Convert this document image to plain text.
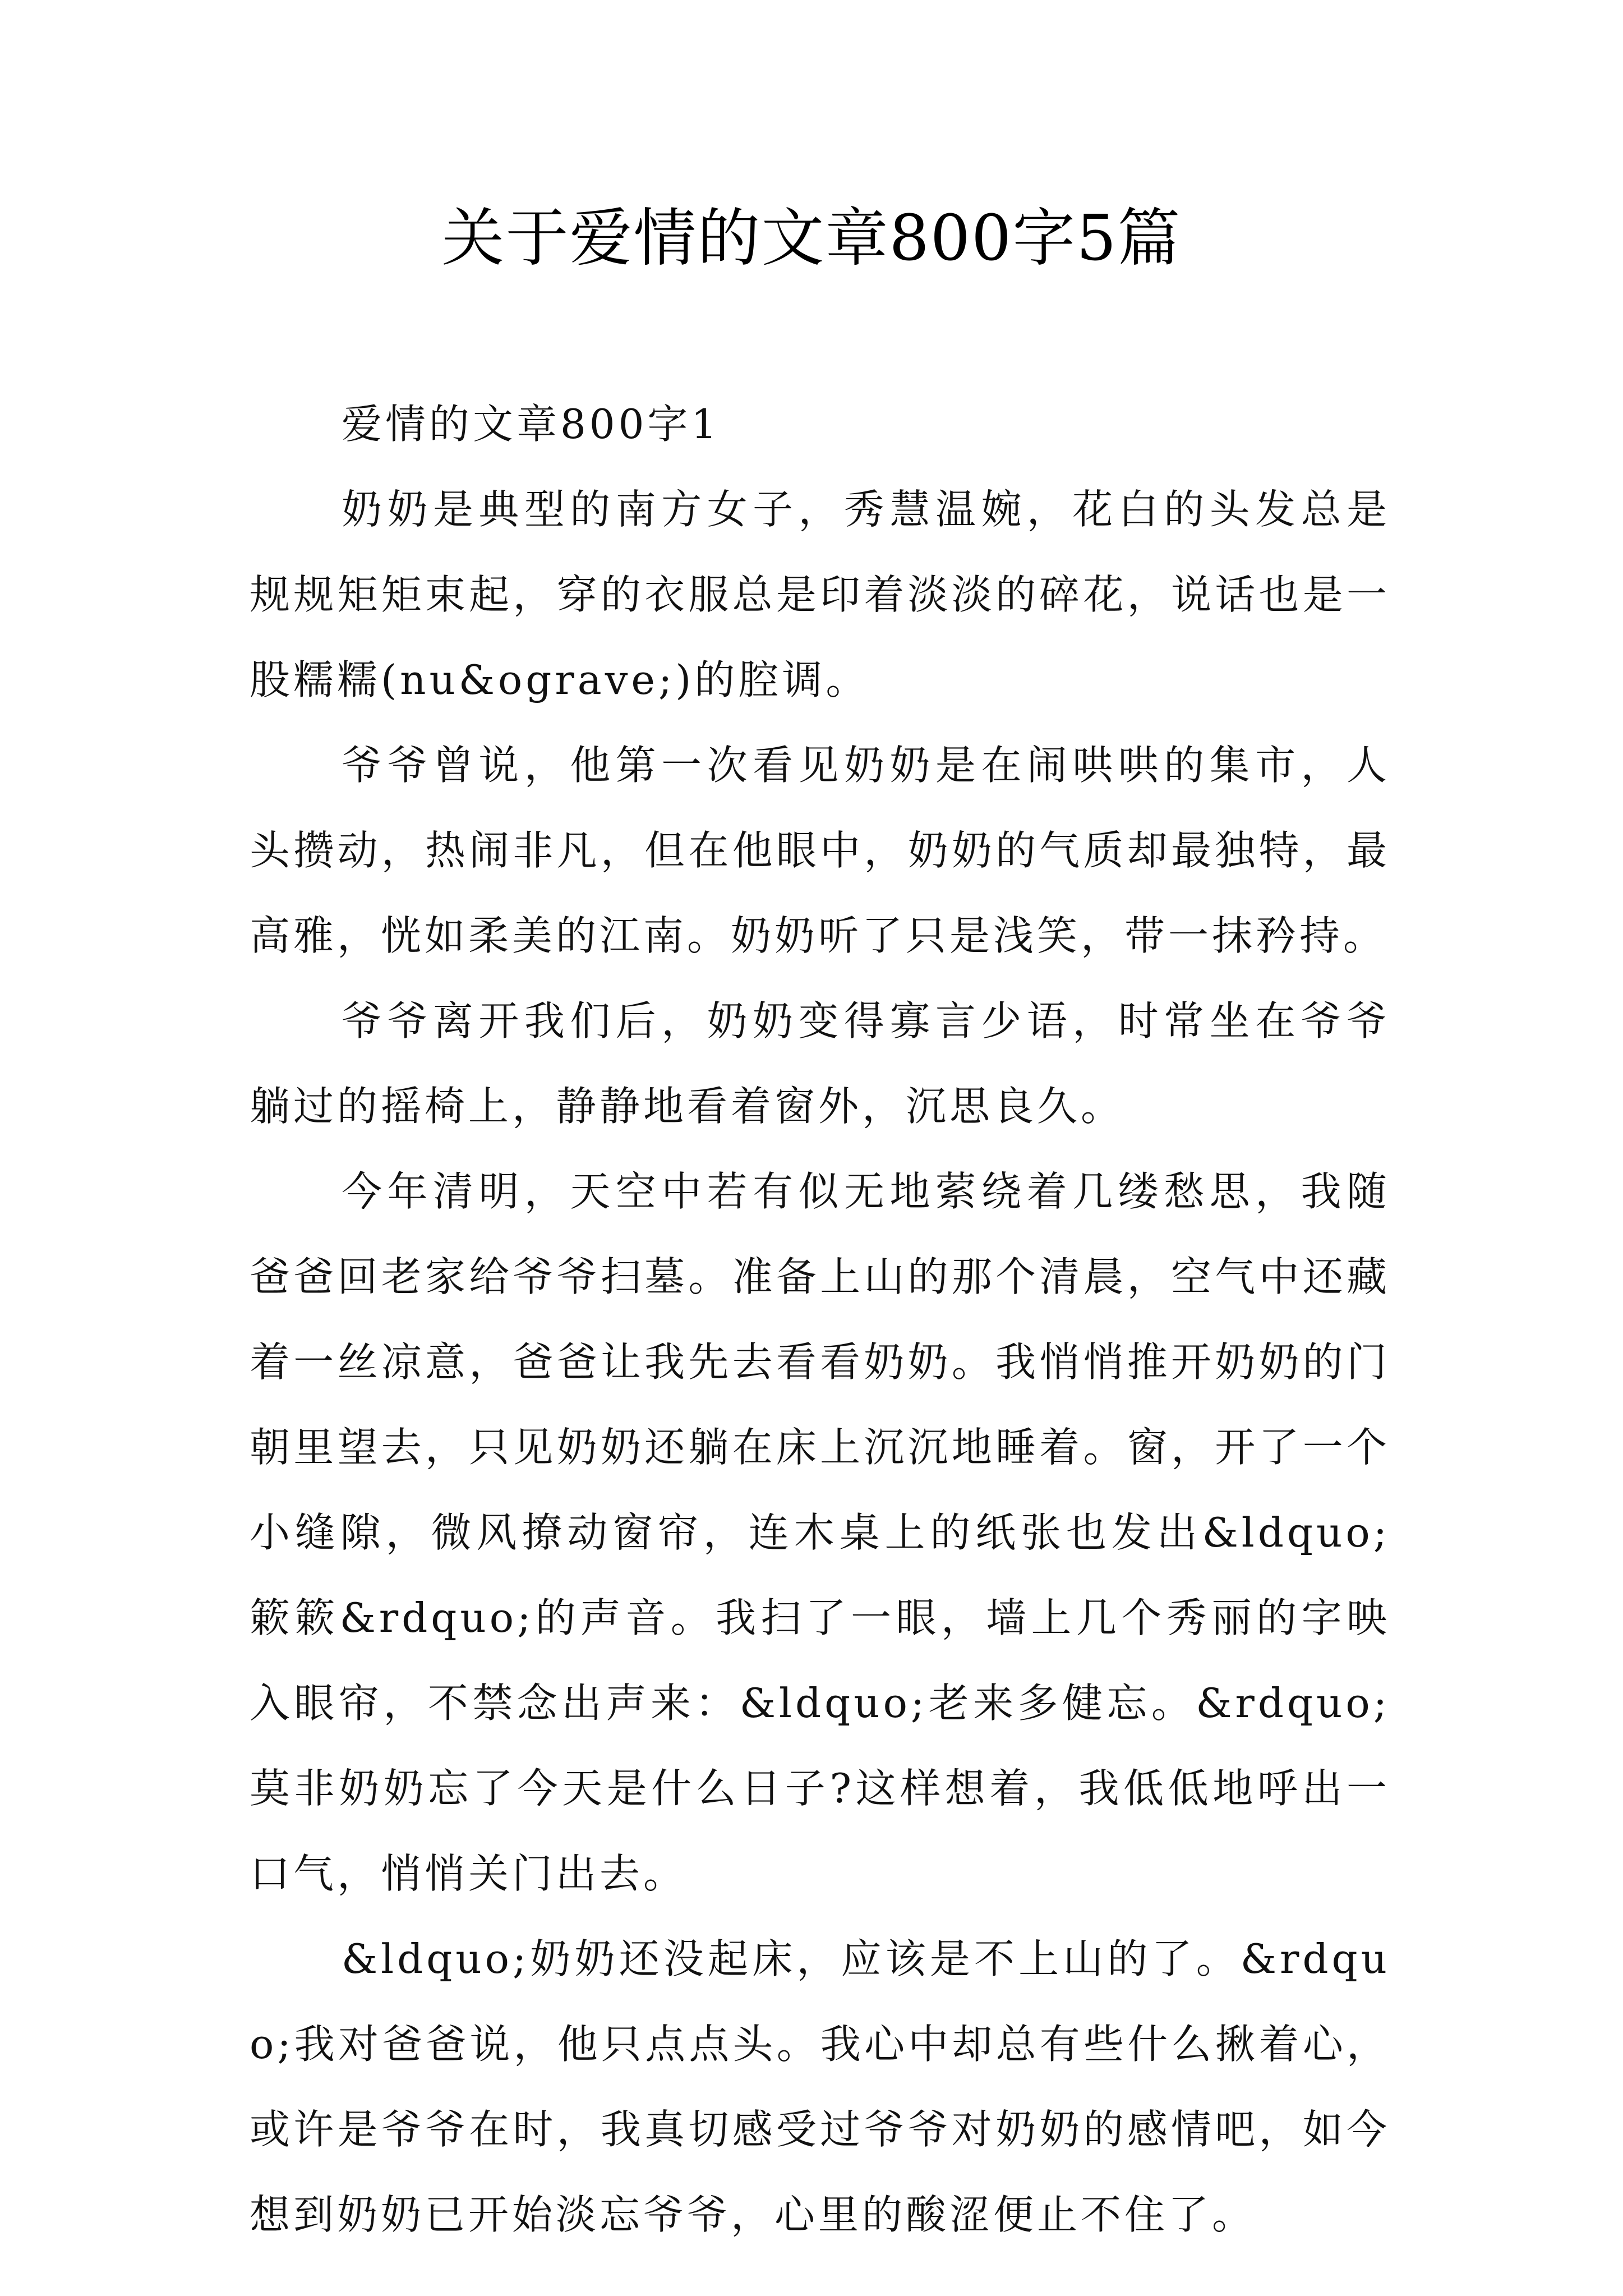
关于爱情的文章800字5篇

爱情的文章800字1

奶奶是典型的南方女子，秀慧温婉，花白的头发总是规规矩矩束起，穿的衣服总是印着淡淡的碎花，说话也是一股糯糯(nu&ograve;)的腔调。

爷爷曾说，他第一次看见奶奶是在闹哄哄的集市，人头攒动，热闹非凡，但在他眼中，奶奶的气质却最独特，最高雅，恍如柔美的江南。奶奶听了只是浅笑，带一抹矜持。

爷爷离开我们后，奶奶变得寡言少语，时常坐在爷爷躺过的摇椅上，静静地看着窗外，沉思良久。

今年清明，天空中若有似无地萦绕着几缕愁思，我随爸爸回老家给爷爷扫墓。准备上山的那个清晨，空气中还藏着一丝凉意，爸爸让我先去看看奶奶。我悄悄推开奶奶的门朝里望去，只见奶奶还躺在床上沉沉地睡着。窗，开了一个小缝隙，微风撩动窗帘，连木桌上的纸张也发出&ldquo;簌簌&rdquo;的声音。我扫了一眼，墙上几个秀丽的字映入眼帘，不禁念出声来：&ldquo;老来多健忘。&rdquo;莫非奶奶忘了今天是什么日子?这样想着，我低低地呼出一口气，悄悄关门出去。

&ldquo;奶奶还没起床，应该是不上山的了。&rdquo;我对爸爸说，他只点点头。我心中却总有些什么揪着心，或许是爷爷在时，我真切感受过爷爷对奶奶的感情吧，如今想到奶奶已开始淡忘爷爷，心里的酸涩便止不住了。
